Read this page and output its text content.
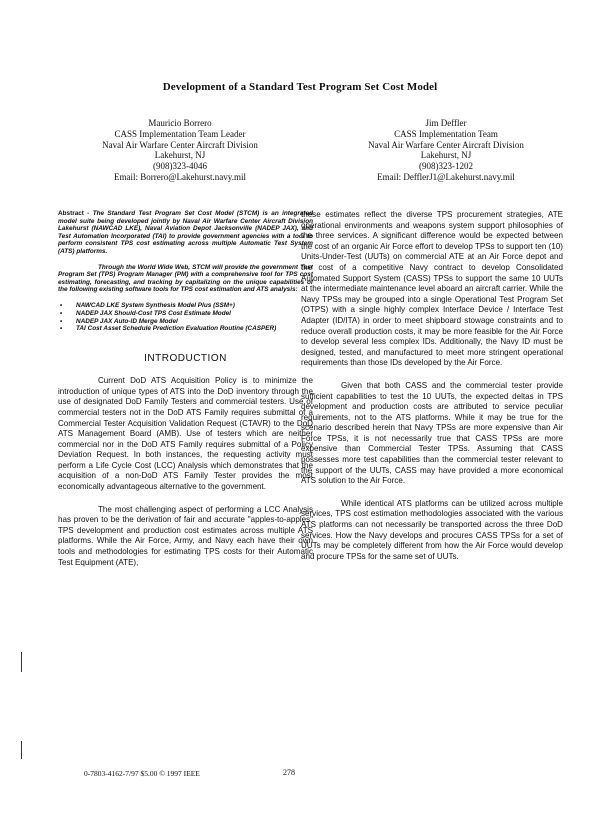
Development of a Standard Test Program Set Cost Model
Mauricio Borrero
CASS Implementation Team Leader
Naval Air Warfare Center Aircraft Division
Lakehurst, NJ
(908)323-4046
Email: Borrero@Lakehurst.navy.mil
Jim Deffler
CASS Implementation Team
Naval Air Warfare Center Aircraft Division
Lakehurst, NJ
(908)323-1202
Email: DefflerJ1@Lakehurst.navy.mil

Abstract - The Standard Test Program Set Cost Model (STCM) is an integrated model suite being developed jointly by Naval Air Warfare Center Aircraft Division Lakehurst (NAWCAD LKE), Naval Aviation Depot Jacksonville (NADEP JAX), and Test Automation Incorporated (TAI) to provide government agencies with a tool to perform consistent TPS cost estimating across multiple Automatic Test System (ATS) platforms.

Through the World Wide Web, STCM will provide the government Test Program Set (TPS) Program Manager (PM) with a comprehensive tool for TPS cost estimating, forecasting, and tracking by capitalizing on the unique capabilities of the following existing software tools for TPS cost estimation and ATS analysis:

• NAWCAD LKE System Synthesis Model Plus (SSM+)
• NADEP JAX Should-Cost TPS Cost Estimate Model
• NADEP JAX Auto-ID Merge Model
• TAI Cost Asset Schedule Prediction Evaluation Routine (CASPER)
INTRODUCTION

Current DoD ATS Acquisition Policy is to minimize the introduction of unique types of ATS into the DoD inventory through the use of designated DoD Family Testers and commercial testers. Use of commercial testers not in the DoD ATS Family requires submittal of a Commercial Tester Acquisition Validation Request (CTAVR) to the DoD ATS Management Board (AMB). Use of testers which are neither commercial nor in the DoD ATS Family requires submittal of a Policy Deviation Request. In both instances, the requesting activity must perform a Life Cycle Cost (LCC) Analysis which demonstrates that the acquisition of a non-DoD ATS Family Tester provides the most economically advantageous alternative to the government.

The most challenging aspect of performing a LCC Analysis has proven to be the derivation of fair and accurate "apples-to-apples" TPS development and production cost estimates across multiple ATS platforms. While the Air Force, Army, and Navy each have their own tools and methodologies for estimating TPS costs for their Automatic Test Equipment (ATE),

these estimates reflect the diverse TPS procurement strategies, ATE operational environments and weapons system support philosophies of the three services. A significant difference would be expected between the cost of an organic Air Force effort to develop TPSs to support ten (10) Units-Under-Test (UUTs) on commercial ATE at an Air Force depot and the cost of a competitive Navy contract to develop Consolidated Automated Support System (CASS) TPSs to support the same 10 UUTs at the intermediate maintenance level aboard an aircraft carrier. While the Navy TPSs may be grouped into a single Operational Test Program Set (OTPS) with a single highly complex Interface Device / Interface Test Adapter (ID/ITA) in order to meet shipboard stowage constraints and to reduce overall production costs, it may be more feasible for the Air Force to develop several less complex IDs. Additionally, the Navy ID must be designed, tested, and manufactured to meet more stringent operational requirements than those IDs developed by the Air Force.

Given that both CASS and the commercial tester provide sufficient capabilities to test the 10 UUTs, the expected deltas in TPS development and production costs are attributed to service peculiar requirements, not to the ATS platforms. While it may be true for the scenario described herein that Navy TPSs are more expensive than Air Force TPSs, it is not necessarily true that CASS TPSs are more expensive than Commercial Tester TPSs. Assuming that CASS possesses more test capabilities than the commercial tester relevant to the support of the UUTs, CASS may have provided a more economical ATS solution to the Air Force.

While identical ATS platforms can be utilized across multiple services, TPS cost estimation methodologies associated with the various ATS platforms can not necessarily be transported across the three DoD services. How the Navy develops and procures CASS TPSs for a set of UUTs may be completely different from how the Air Force would develop and procure TPSs for the same set of UUTs.

0-7803-4162-7/97 $5.00 © 1997 IEEE	278
